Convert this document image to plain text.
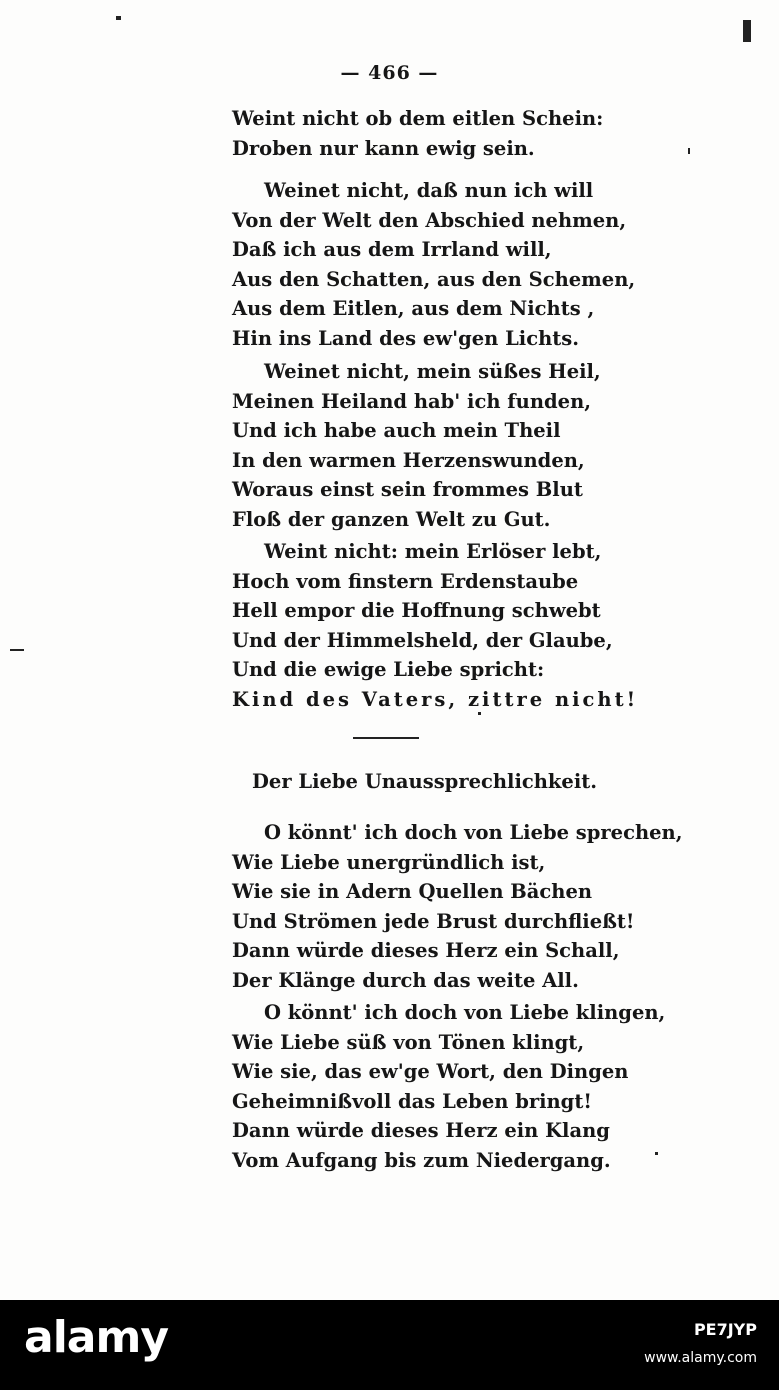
— 466 —
Weint nicht ob dem eitlen Schein:
Droben nur kann ewig sein.
Weinet nicht, daß nun ich will
Von der Welt den Abschied nehmen,
Daß ich aus dem Irrland will,
Aus den Schatten, aus den Schemen,
Aus dem Eitlen, aus dem Nichts ,
Hin ins Land des ew'gen Lichts.
Weinet nicht, mein süßes Heil,
Meinen Heiland hab' ich funden,
Und ich habe auch mein Theil
In den warmen Herzenswunden,
Woraus einst sein frommes Blut
Floß der ganzen Welt zu Gut.
Weint nicht: mein Erlöser lebt,
Hoch vom finstern Erdenstaube
Hell empor die Hoffnung schwebt
Und der Himmelsheld, der Glaube,
Und die ewige Liebe spricht:
Kind des Vaters, zittre nicht!
Der Liebe Unaussprechlichkeit.
O könnt' ich doch von Liebe sprechen,
Wie Liebe unergründlich ist,
Wie sie in Adern Quellen Bächen
Und Strömen jede Brust durchfließt!
Dann würde dieses Herz ein Schall,
Der Klänge durch das weite All.
O könnt' ich doch von Liebe klingen,
Wie Liebe süß von Tönen klingt,
Wie sie, das ew'ge Wort, den Dingen
Geheimnißvoll das Leben bringt!
Dann würde dieses Herz ein Klang
Vom Aufgang bis zum Niedergang.
alamy	PE7JYP
www.alamy.com
